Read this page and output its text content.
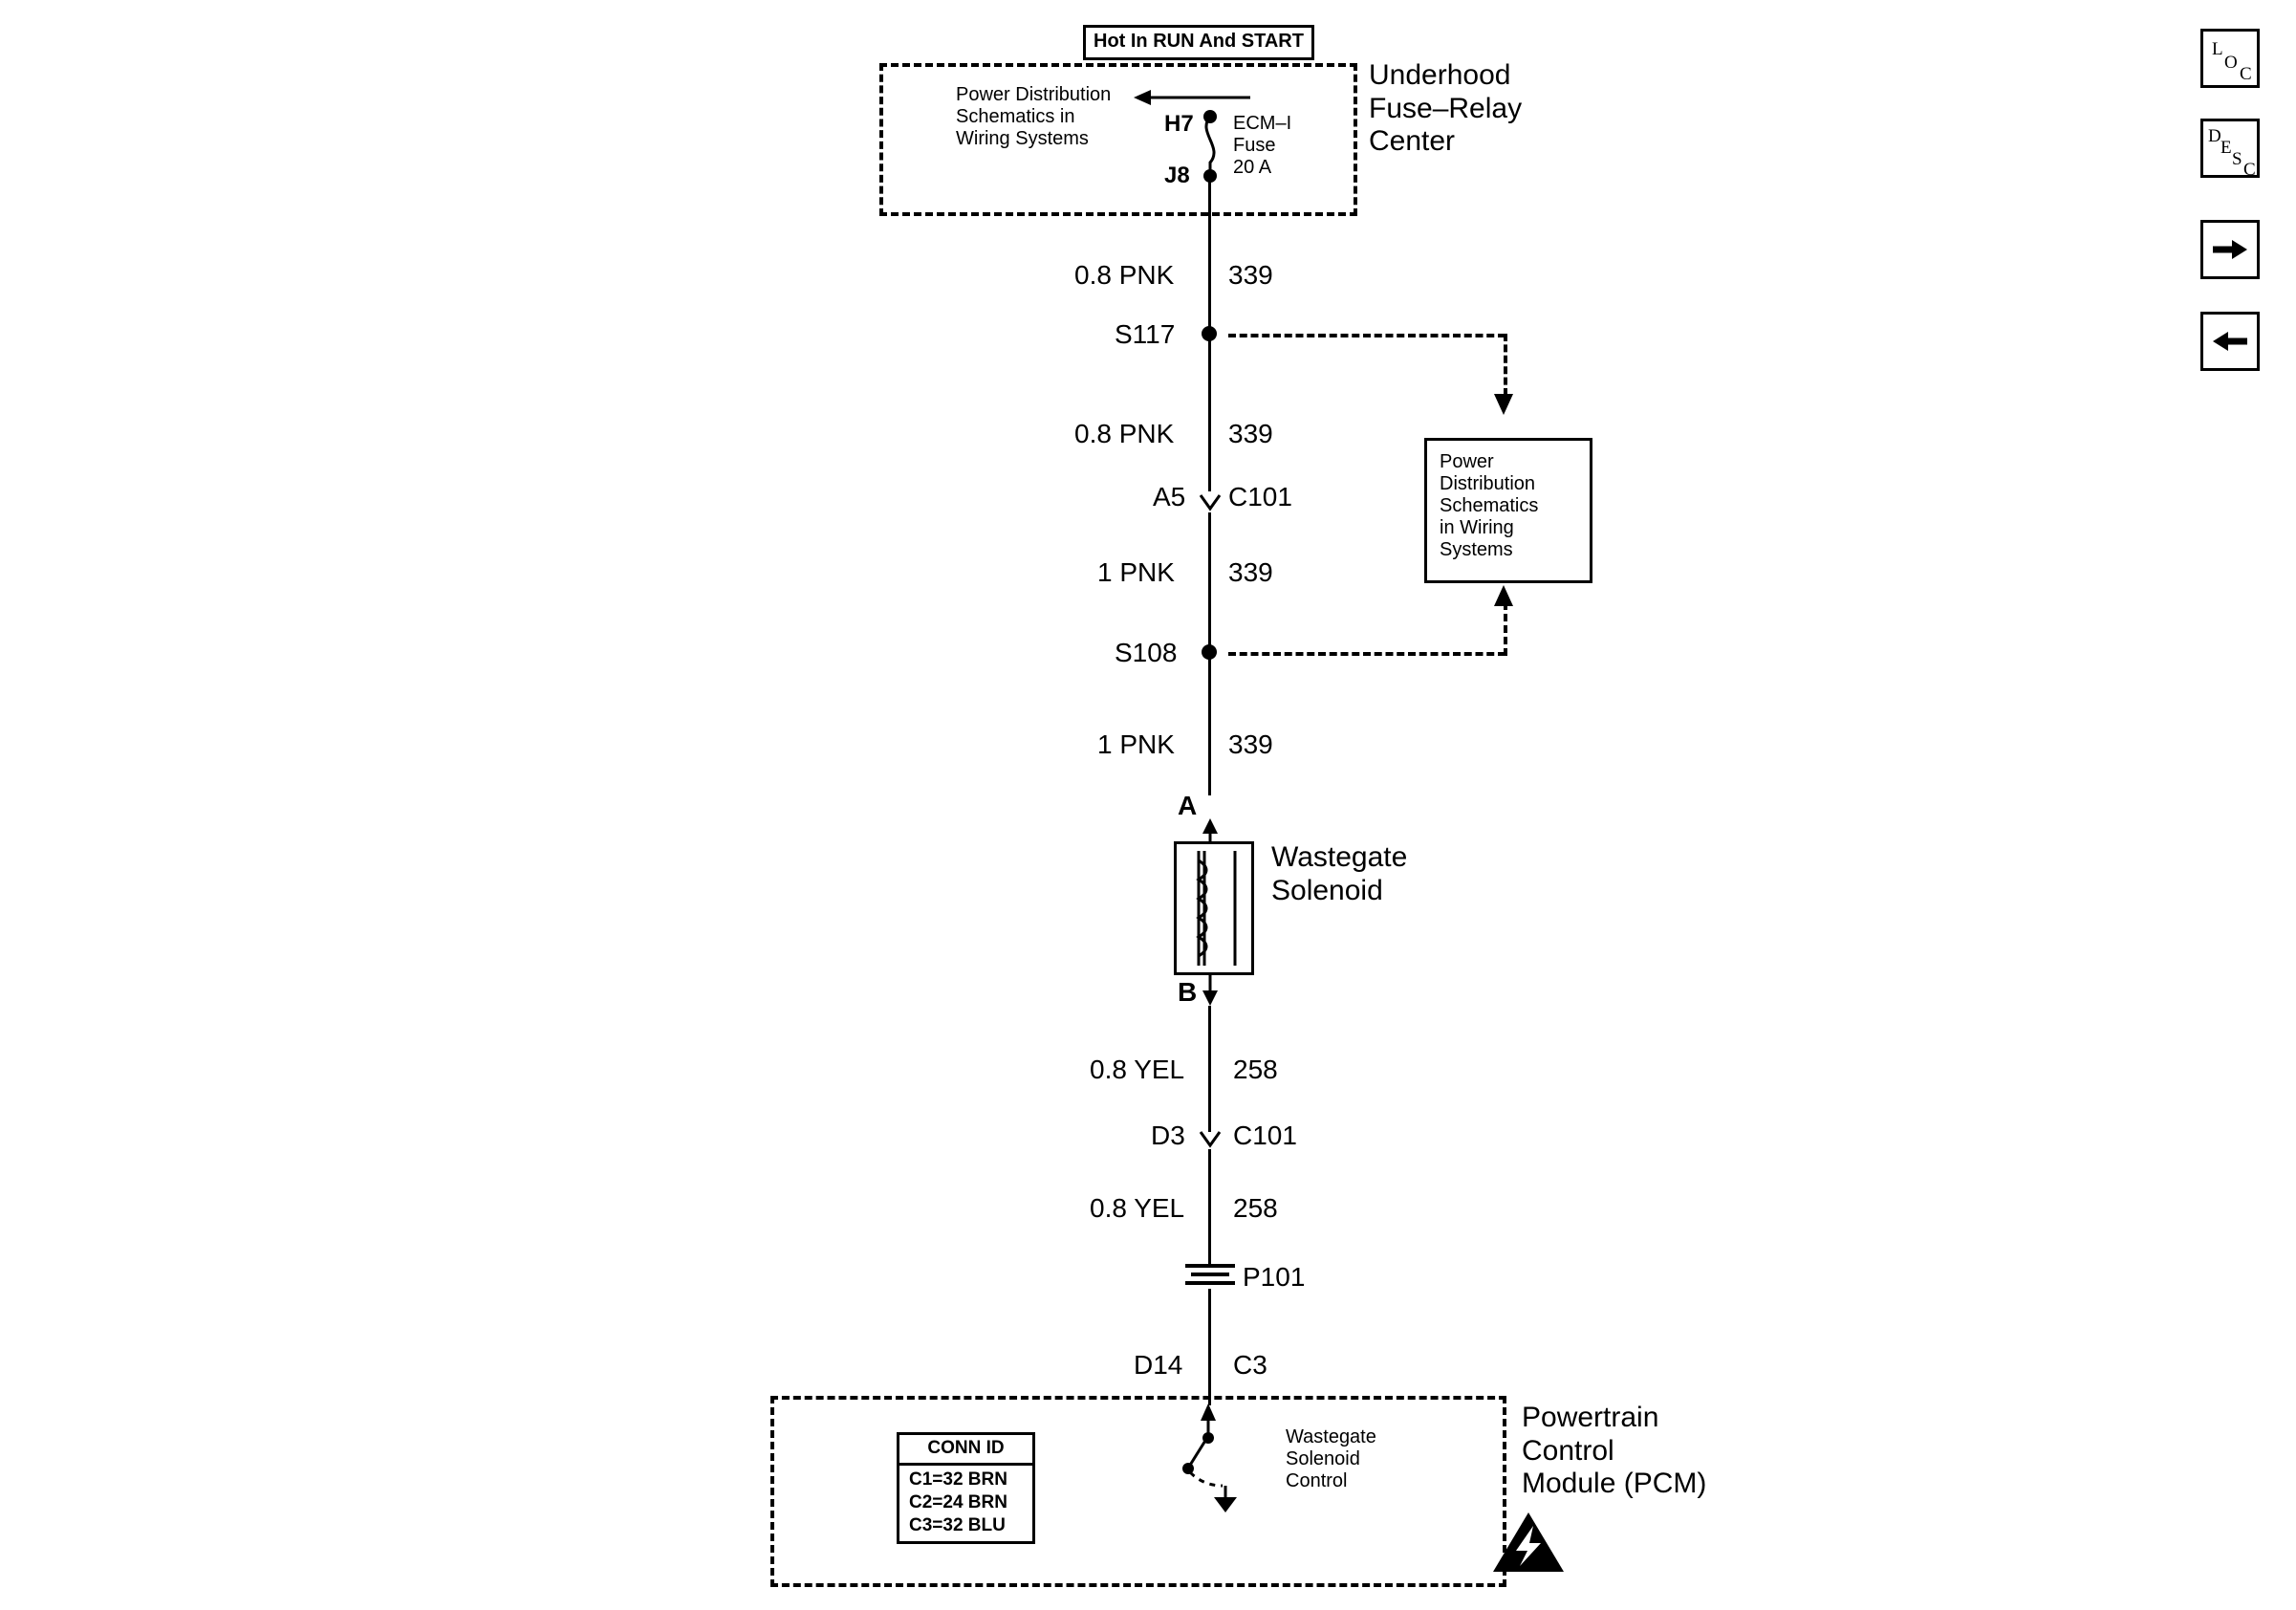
Hot In RUN And START
Underhood
Fuse–Relay
Center
Power Distribution
Schematics in
Wiring Systems
H7
J8
ECM–I
Fuse
20 A
0.8 PNK 339
S117
0.8 PNK 339
Power
Distribution
Schematics
in Wiring
Systems
A5 C101
1 PNK 339
S108
1 PNK 339
A
Wastegate
Solenoid
B
0.8 YEL 258
D3 C101
0.8 YEL 258
P101
D14 C3
Powertrain
Control
Module (PCM)
Wastegate
Solenoid
Control
CONN ID
C1=32 BRN
C2=24 BRN
C3=32 BLU
L
O
C
D
E
S
C
